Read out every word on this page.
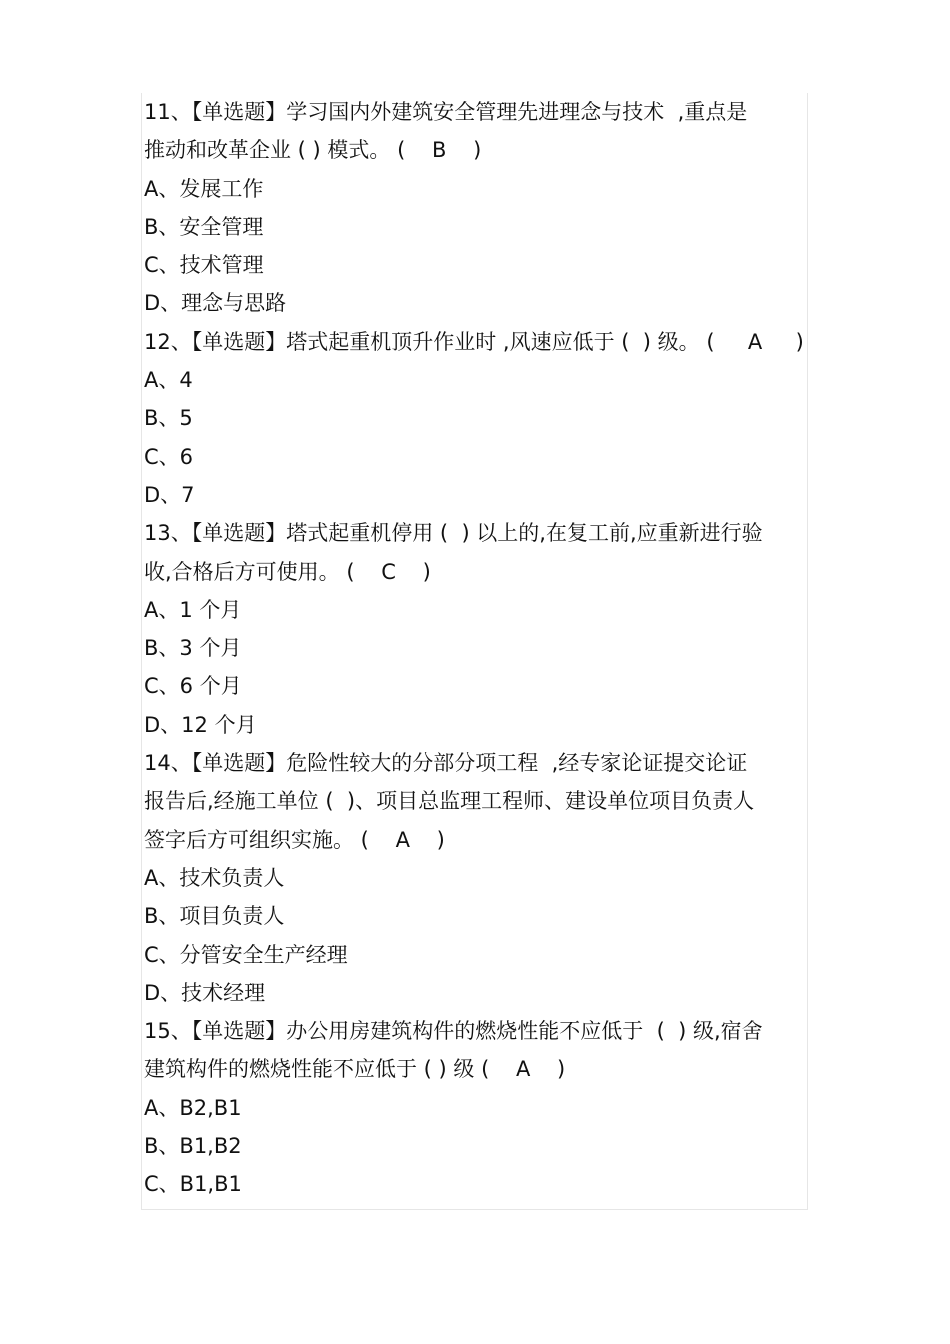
11、【单选题】学习国内外建筑安全管理先进理念与技术  ,重点是
推动和改革企业 ( ) 模式。 (    B    )
A、发展工作
B、安全管理
C、技术管理
D、理念与思路
12、【单选题】塔式起重机顶升作业时 ,风速应低于 (  ) 级。 (     A     )
A、4
B、5
C、6
D、7
13、【单选题】塔式起重机停用 (  ) 以上的,在复工前,应重新进行验
收,合格后方可使用。 (    C    )
A、1 个月
B、3 个月
C、6 个月
D、12 个月
14、【单选题】危险性较大的分部分项工程  ,经专家论证提交论证
报告后,经施工单位 (  )、项目总监理工程师、建设单位项目负责人
签字后方可组织实施。 (    A    )
A、技术负责人
B、项目负责人
C、分管安全生产经理
D、技术经理
15、【单选题】办公用房建筑构件的燃烧性能不应低于  (  ) 级,宿舍
建筑构件的燃烧性能不应低于 ( ) 级 (    A    )
A、B2,B1
B、B1,B2
C、B1,B1
